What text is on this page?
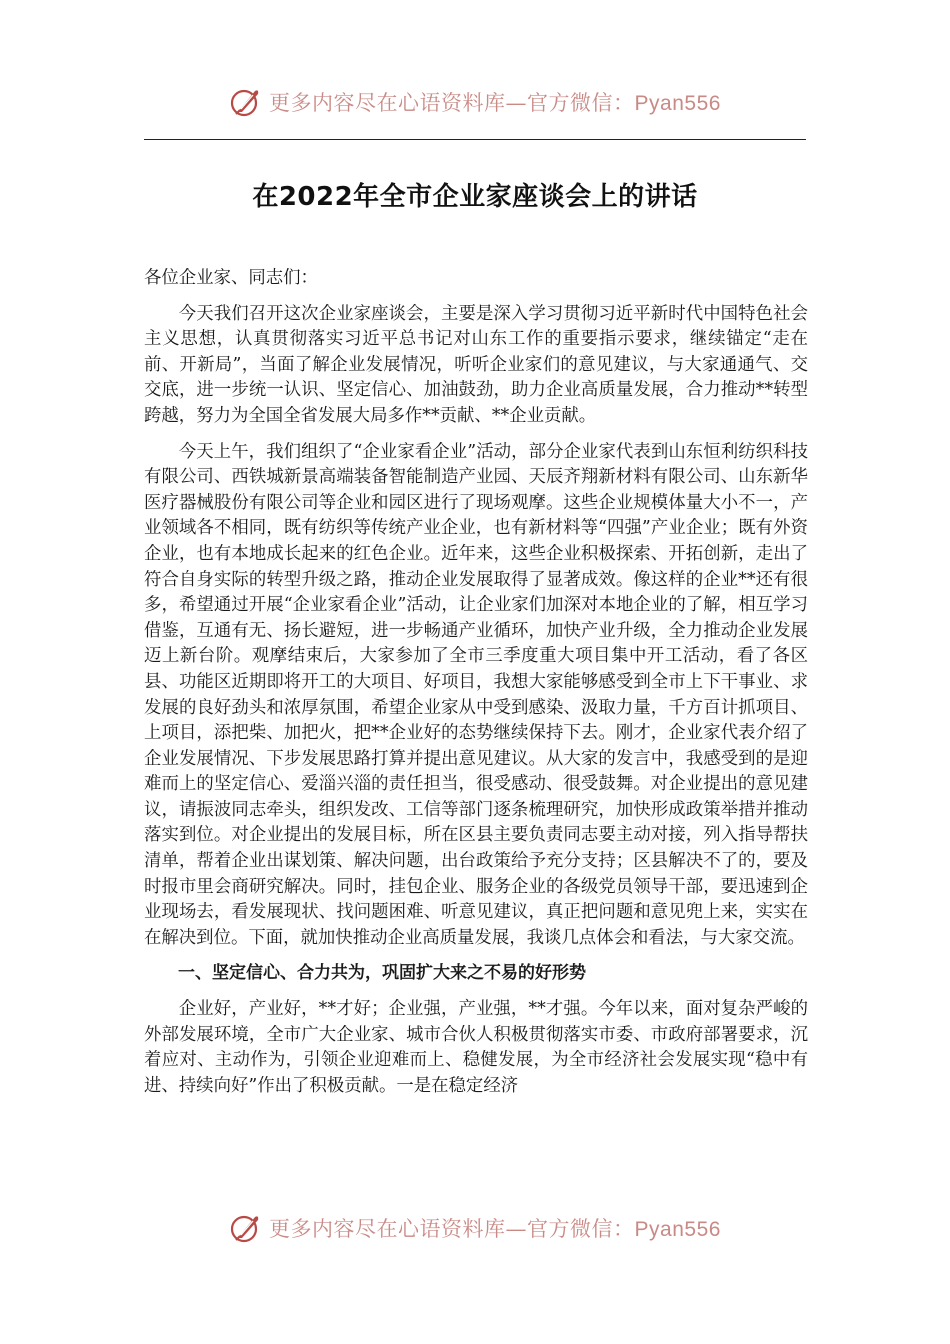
更多内容尽在心语资料库—官方微信：Pyan556
在2022年全市企业家座谈会上的讲话

各位企业家、同志们：

今天我们召开这次企业家座谈会，主要是深入学习贯彻习近平新时代中国特色社会主义思想，认真贯彻落实习近平总书记对山东工作的重要指示要求，继续锚定“走在前、开新局”，当面了解企业发展情况，听听企业家们的意见建议，与大家通通气、交交底，进一步统一认识、坚定信心、加油鼓劲，助力企业高质量发展，合力推动**转型跨越，努力为全国全省发展大局多作**贡献、**企业贡献。

今天上午，我们组织了“企业家看企业”活动，部分企业家代表到山东恒利纺织科技有限公司、西铁城新景高端装备智能制造产业园、天辰齐翔新材料有限公司、山东新华医疗器械股份有限公司等企业和园区进行了现场观摩。这些企业规模体量大小不一，产业领域各不相同，既有纺织等传统产业企业，也有新材料等“四强”产业企业；既有外资企业，也有本地成长起来的红色企业。近年来，这些企业积极探索、开拓创新，走出了符合自身实际的转型升级之路，推动企业发展取得了显著成效。像这样的企业**还有很多，希望通过开展“企业家看企业”活动，让企业家们加深对本地企业的了解，相互学习借鉴，互通有无、扬长避短，进一步畅通产业循环，加快产业升级，全力推动企业发展迈上新台阶。观摩结束后，大家参加了全市三季度重大项目集中开工活动，看了各区县、功能区近期即将开工的大项目、好项目，我想大家能够感受到全市上下干事业、求发展的良好劲头和浓厚氛围，希望企业家从中受到感染、汲取力量，千方百计抓项目、上项目，添把柴、加把火，把**企业好的态势继续保持下去。刚才，企业家代表介绍了企业发展情况、下步发展思路打算并提出意见建议。从大家的发言中，我感受到的是迎难而上的坚定信心、爱淄兴淄的责任担当，很受感动、很受鼓舞。对企业提出的意见建议，请振波同志牵头，组织发改、工信等部门逐条梳理研究，加快形成政策举措并推动落实到位。对企业提出的发展目标，所在区县主要负责同志要主动对接，列入指导帮扶清单，帮着企业出谋划策、解决问题，出台政策给予充分支持；区县解决不了的，要及时报市里会商研究解决。同时，挂包企业、服务企业的各级党员领导干部，要迅速到企业现场去，看发展现状、找问题困难、听意见建议，真正把问题和意见兜上来，实实在在解决到位。下面，就加快推动企业高质量发展，我谈几点体会和看法，与大家交流。

一、坚定信心、合力共为，巩固扩大来之不易的好形势

企业好，产业好，**才好；企业强，产业强，**才强。今年以来，面对复杂严峻的外部发展环境，全市广大企业家、城市合伙人积极贯彻落实市委、市政府部署要求，沉着应对、主动作为，引领企业迎难而上、稳健发展，为全市经济社会发展实现“稳中有进、持续向好”作出了积极贡献。一是在稳定经济

更多内容尽在心语资料库—官方微信：Pyan556
